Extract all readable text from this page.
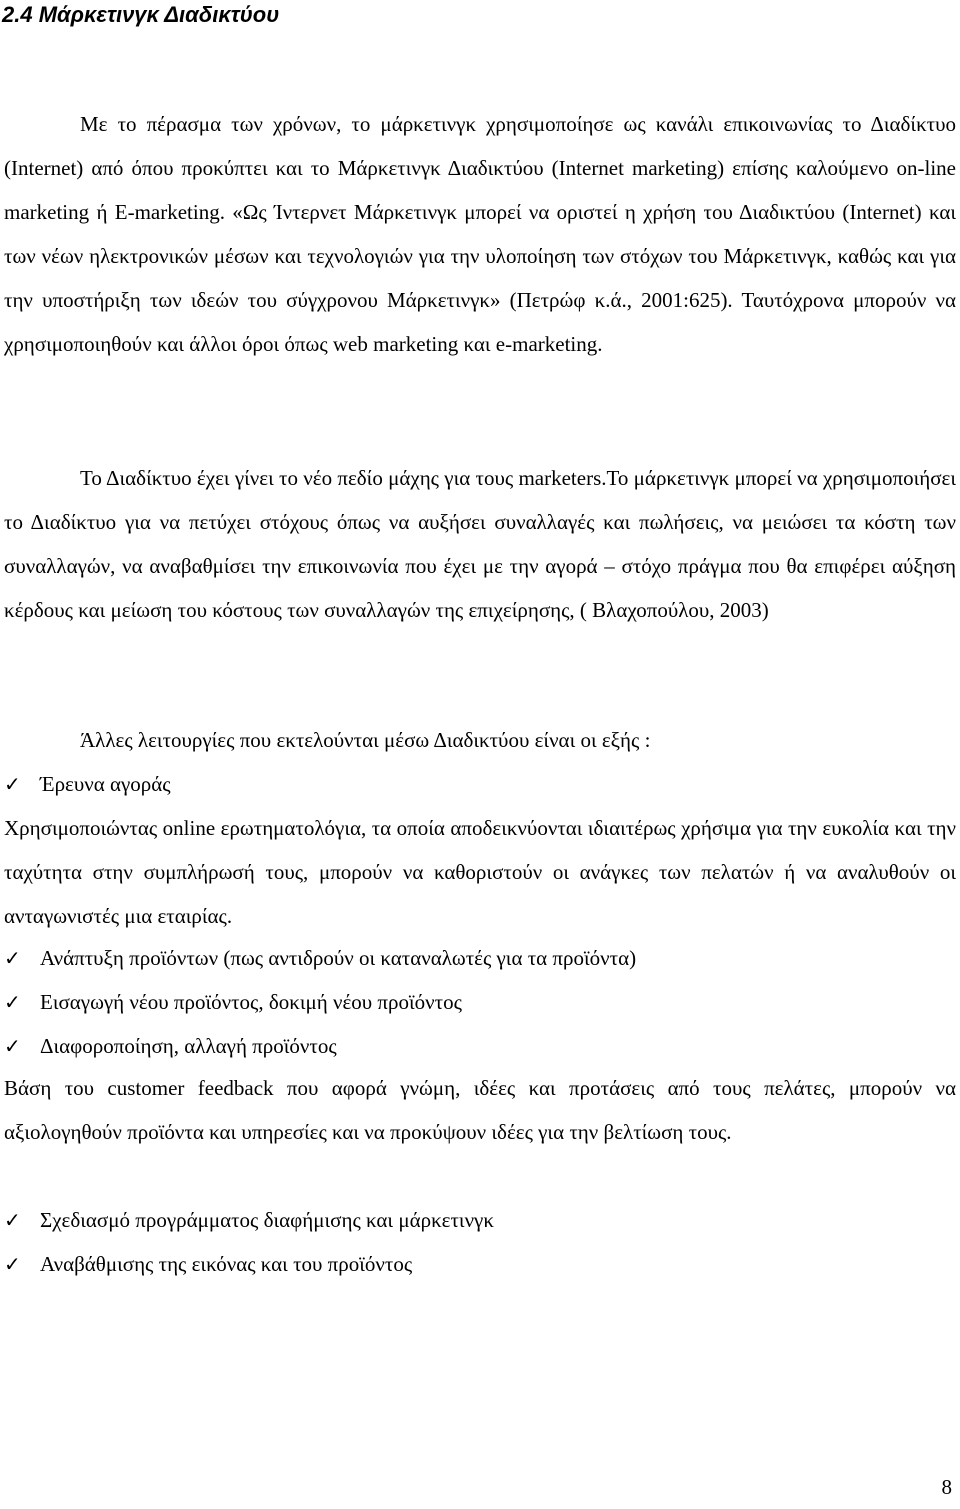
2.4 Μάρκετινγκ Διαδικτύου

Με το πέρασμα των χρόνων, το μάρκετινγκ χρησιμοποίησε ως κανάλι επικοινωνίας το Διαδίκτυο (Internet) από όπου προκύπτει και το Μάρκετινγκ Διαδικτύου (Internet marketing) επίσης καλούμενο on-line marketing ή E-marketing. «Ως Ίντερνετ Μάρκετινγκ μπορεί να οριστεί η χρήση του Διαδικτύου (Internet) και των νέων ηλεκτρονικών μέσων και τεχνολογιών για την υλοποίηση των στόχων του Μάρκετινγκ, καθώς και για την υποστήριξη των ιδεών του σύγχρονου Μάρκετινγκ» (Πετρώφ κ.ά., 2001:625). Ταυτόχρονα μπορούν να χρησιμοποιηθούν και άλλοι όροι όπως web marketing και e-marketing.

Το Διαδίκτυο έχει γίνει το νέο πεδίο μάχης για τους marketers.Το μάρκετινγκ μπορεί να χρησιμοποιήσει το Διαδίκτυο για να πετύχει στόχους όπως να αυξήσει συναλλαγές και πωλήσεις, να μειώσει τα κόστη των συναλλαγών, να αναβαθμίσει την επικοινωνία που έχει με την αγορά – στόχο πράγμα που θα επιφέρει αύξηση κέρδους και μείωση του κόστους των συναλλαγών της επιχείρησης, ( Βλαχοπούλου, 2003)

Άλλες λειτουργίες που εκτελούνται μέσω Διαδικτύου είναι οι εξής :
✓ Έρευνα αγοράς

Χρησιμοποιώντας online ερωτηματολόγια, τα οποία αποδεικνύονται ιδιαιτέρως χρήσιμα για την ευκολία και την ταχύτητα στην συμπλήρωσή τους, μπορούν να καθοριστούν οι ανάγκες των πελατών ή να αναλυθούν οι ανταγωνιστές μια εταιρίας.

✓ Ανάπτυξη προϊόντων (πως αντιδρούν οι καταναλωτές για τα προϊόντα)
✓ Εισαγωγή νέου προϊόντος, δοκιμή νέου προϊόντος
✓ Διαφοροποίηση, αλλαγή προϊόντος

Βάση του customer feedback που αφορά γνώμη, ιδέες και προτάσεις από τους πελάτες, μπορούν να αξιολογηθούν προϊόντα και υπηρεσίες και να προκύψουν ιδέες για την βελτίωση τους.

✓ Σχεδιασμό προγράμματος διαφήμισης και μάρκετινγκ
✓ Αναβάθμισης της εικόνας και του προϊόντος
8
